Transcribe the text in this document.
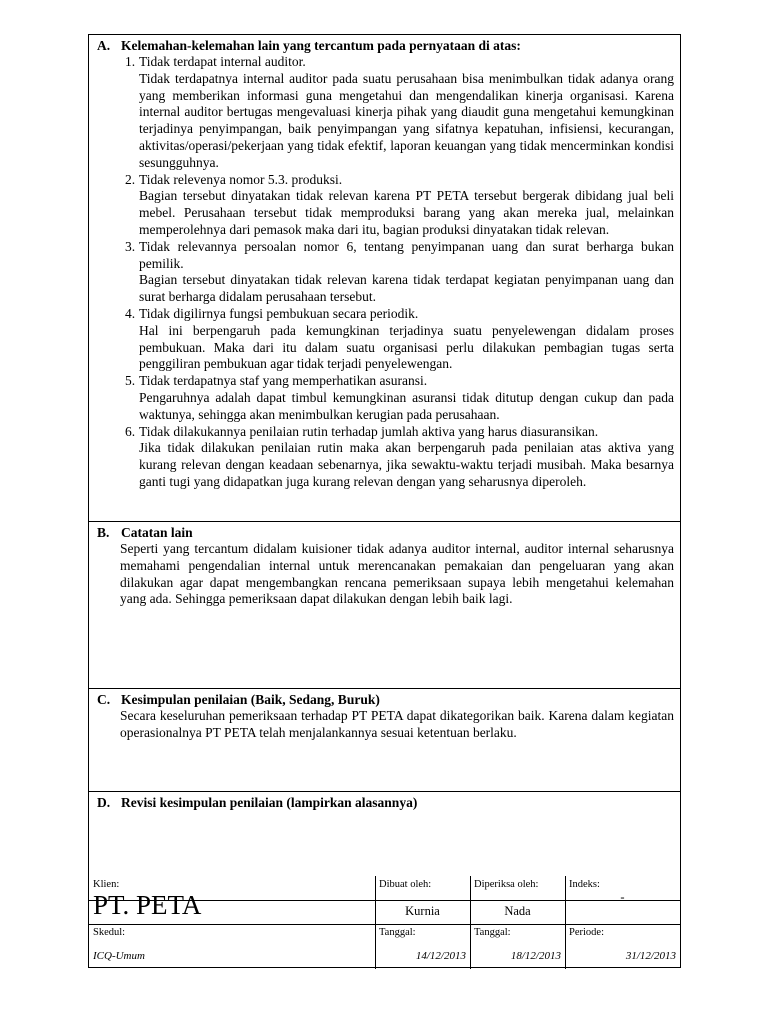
A. Kelemahan-kelemahan lain yang tercantum pada pernyataan di atas:
1. Tidak terdapat internal auditor.
Tidak terdapatnya internal auditor pada suatu perusahaan bisa menimbulkan tidak adanya orang yang memberikan informasi guna mengetahui dan mengendalikan kinerja organisasi. Karena internal auditor bertugas mengevaluasi kinerja pihak yang diaudit guna mengetahui kemungkinan terjadinya penyimpangan, baik penyimpangan yang sifatnya kepatuhan, infisiensi, kecurangan, aktivitas/operasi/pekerjaan yang tidak efektif, laporan keuangan yang tidak mencerminkan kondisi sesungguhnya.
2. Tidak relevenya nomor 5.3. produksi.
Bagian tersebut dinyatakan tidak relevan karena PT PETA tersebut bergerak dibidang jual beli mebel. Perusahaan tersebut tidak memproduksi barang yang akan mereka jual, melainkan memperolehnya dari pemasok maka dari itu, bagian produksi dinyatakan tidak relevan.
3. Tidak relevannya persoalan nomor 6, tentang penyimpanan uang dan surat berharga bukan pemilik.
Bagian tersebut dinyatakan tidak relevan karena tidak terdapat kegiatan penyimpanan uang dan surat berharga didalam perusahaan tersebut.
4. Tidak digilirnya fungsi pembukuan secara periodik.
Hal ini berpengaruh pada kemungkinan terjadinya suatu penyelewengan didalam proses pembukuan. Maka dari itu dalam suatu organisasi perlu dilakukan pembagian tugas serta penggiliran pembukuan agar tidak terjadi penyelewengan.
5. Tidak terdapatnya staf yang memperhatikan asuransi.
Pengaruhnya adalah dapat timbul kemungkinan asuransi tidak ditutup dengan cukup dan pada waktunya, sehingga akan menimbulkan kerugian pada perusahaan.
6. Tidak dilakukannya penilaian rutin terhadap jumlah aktiva yang harus diasuransikan.
Jika tidak dilakukan penilaian rutin maka akan berpengaruh pada penilaian atas aktiva yang kurang relevan dengan keadaan sebenarnya, jika sewaktu-waktu terjadi musibah. Maka besarnya ganti tugi yang didapatkan juga kurang relevan dengan yang seharusnya diperoleh.
B. Catatan lain

Seperti yang tercantum didalam kuisioner tidak adanya auditor internal, auditor internal seharusnya memahami pengendalian internal untuk merencanakan pemakaian dan pengeluaran yang akan dilakukan agar dapat mengembangkan rencana pemeriksaan supaya lebih mengetahui kelemahan yang ada. Sehingga pemeriksaan dapat dilakukan dengan lebih baik lagi.

C. Kesimpulan penilaian (Baik, Sedang, Buruk)

Secara keseluruhan pemeriksaan terhadap PT PETA dapat dikategorikan baik. Karena dalam kegiatan operasionalnya PT PETA telah menjalankannya sesuai ketentuan berlaku.

D. Revisi kesimpulan penilaian (lampirkan alasannya)
Klien:
PT. PETA
Dibuat oleh:
Kurnia
Diperiksa oleh:
Nada
Indeks:
-
Skedul:
ICQ-Umum
Tanggal:
14/12/2013
Tanggal:
18/12/2013
Periode:
31/12/2013
